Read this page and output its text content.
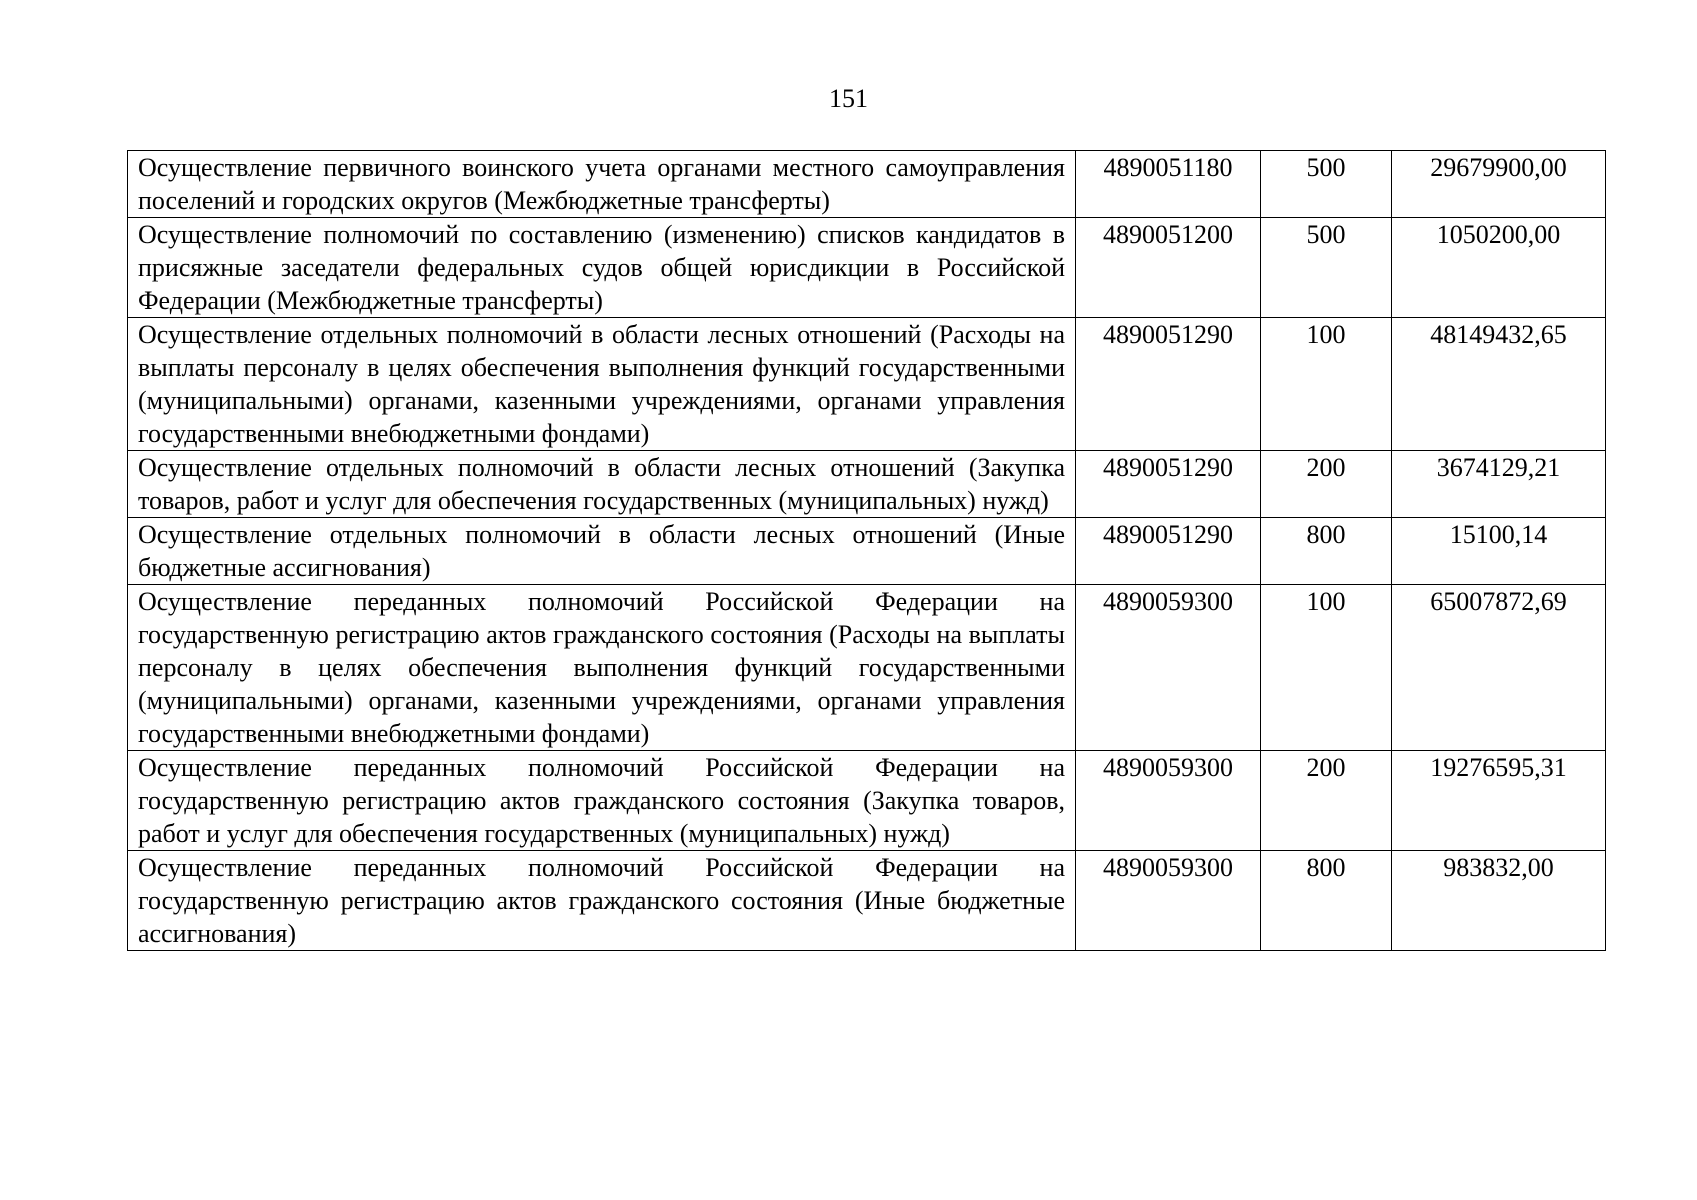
151
Осуществление первичного воинского учета органами местного самоуправления поселений и городских округов (Межбюджетные трансферты)	4890051180	500	29679900,00
Осуществление полномочий по составлению (изменению) списков кандидатов в присяжные заседатели федеральных судов общей юрисдикции в Российской Федерации (Межбюджетные трансферты)	4890051200	500	1050200,00
Осуществление отдельных полномочий в области лесных отношений (Расходы на выплаты персоналу в целях обеспечения выполнения функций государственными (муниципальными) органами, казенными учреждениями, органами управления государственными внебюджетными фондами)	4890051290	100	48149432,65
Осуществление отдельных полномочий в области лесных отношений (Закупка товаров, работ и услуг для обеспечения государственных (муниципальных) нужд)	4890051290	200	3674129,21
Осуществление отдельных полномочий в области лесных отношений (Иные бюджетные ассигнования)	4890051290	800	15100,14
Осуществление переданных полномочий Российской Федерации на государственную регистрацию актов гражданского состояния (Расходы на выплаты персоналу в целях обеспечения выполнения функций государственными (муниципальными) органами, казенными учреждениями, органами управления государственными внебюджетными фондами)	4890059300	100	65007872,69
Осуществление переданных полномочий Российской Федерации на государственную регистрацию актов гражданского состояния (Закупка товаров, работ и услуг для обеспечения государственных (муниципальных) нужд)	4890059300	200	19276595,31
Осуществление переданных полномочий Российской Федерации на государственную регистрацию актов гражданского состояния (Иные бюджетные ассигнования)	4890059300	800	983832,00
